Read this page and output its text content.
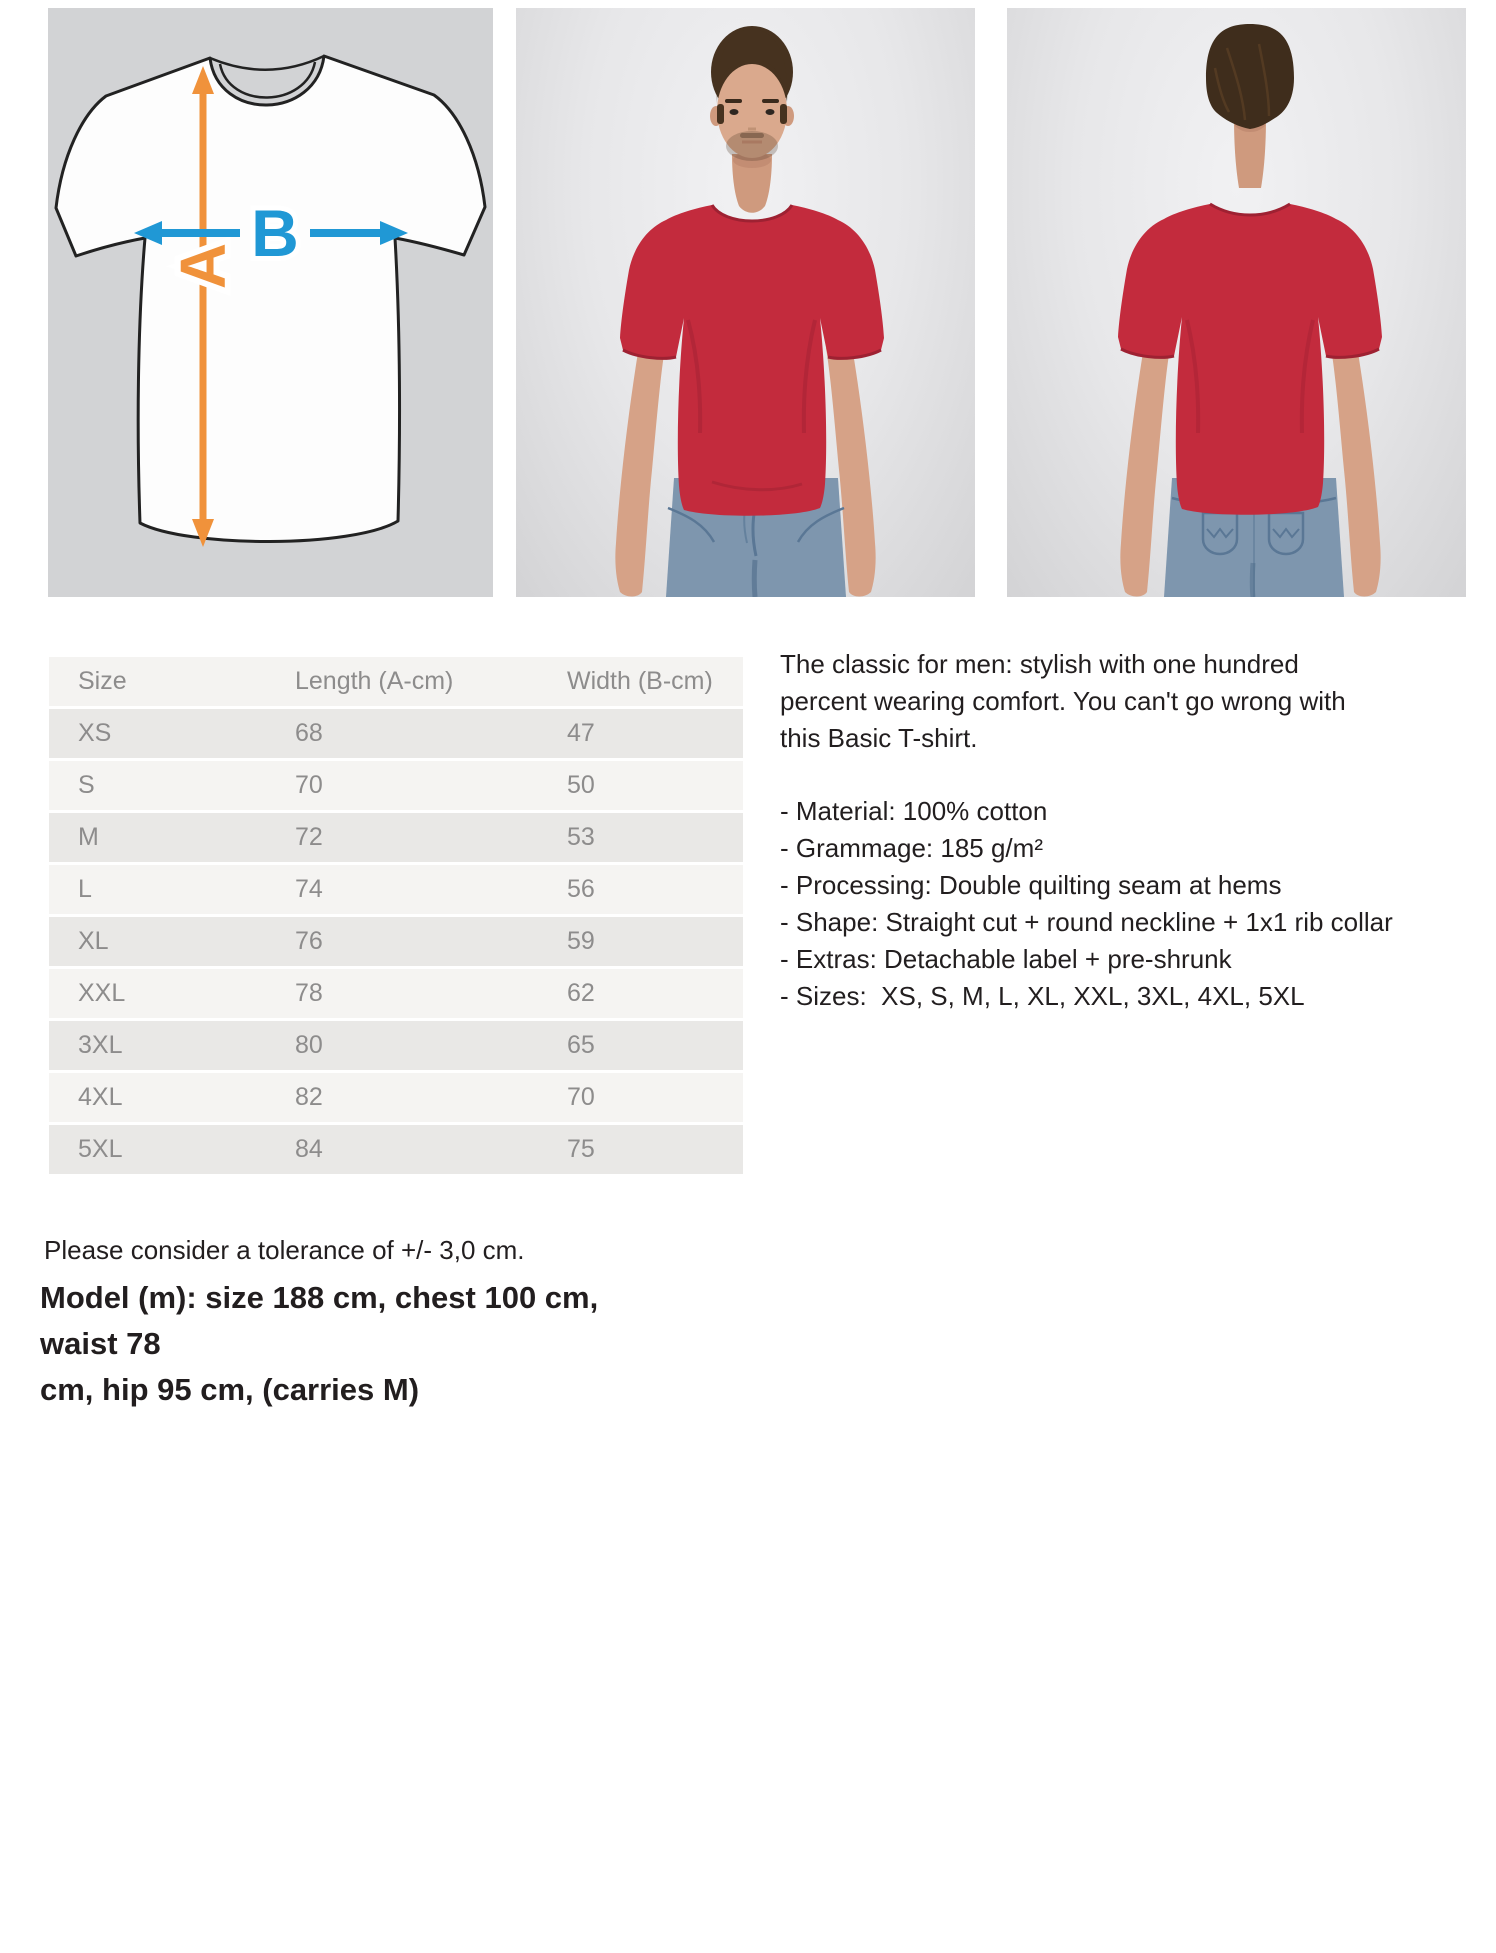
A B
Size	Length (A-cm)	Width (B-cm)
XS	68	47
S	70	50
M	72	53
L	74	56
XL	76	59
XXL	78	62
3XL	80	65
4XL	82	70
5XL	84	75
The classic for men: stylish with one hundred
percent wearing comfort. You can't go wrong with
this Basic T-shirt.
- Material: 100% cotton
- Grammage: 185 g/m²
- Processing: Double quilting seam at hems
- Shape: Straight cut + round neckline + 1x1 rib collar
- Extras: Detachable label + pre-shrunk
- Sizes:  XS, S, M, L, XL, XXL, 3XL, 4XL, 5XL
Please consider a tolerance of +/- 3,0 cm.
Model (m): size 188 cm, chest 100 cm, waist 78
cm, hip 95 cm, (carries M)
